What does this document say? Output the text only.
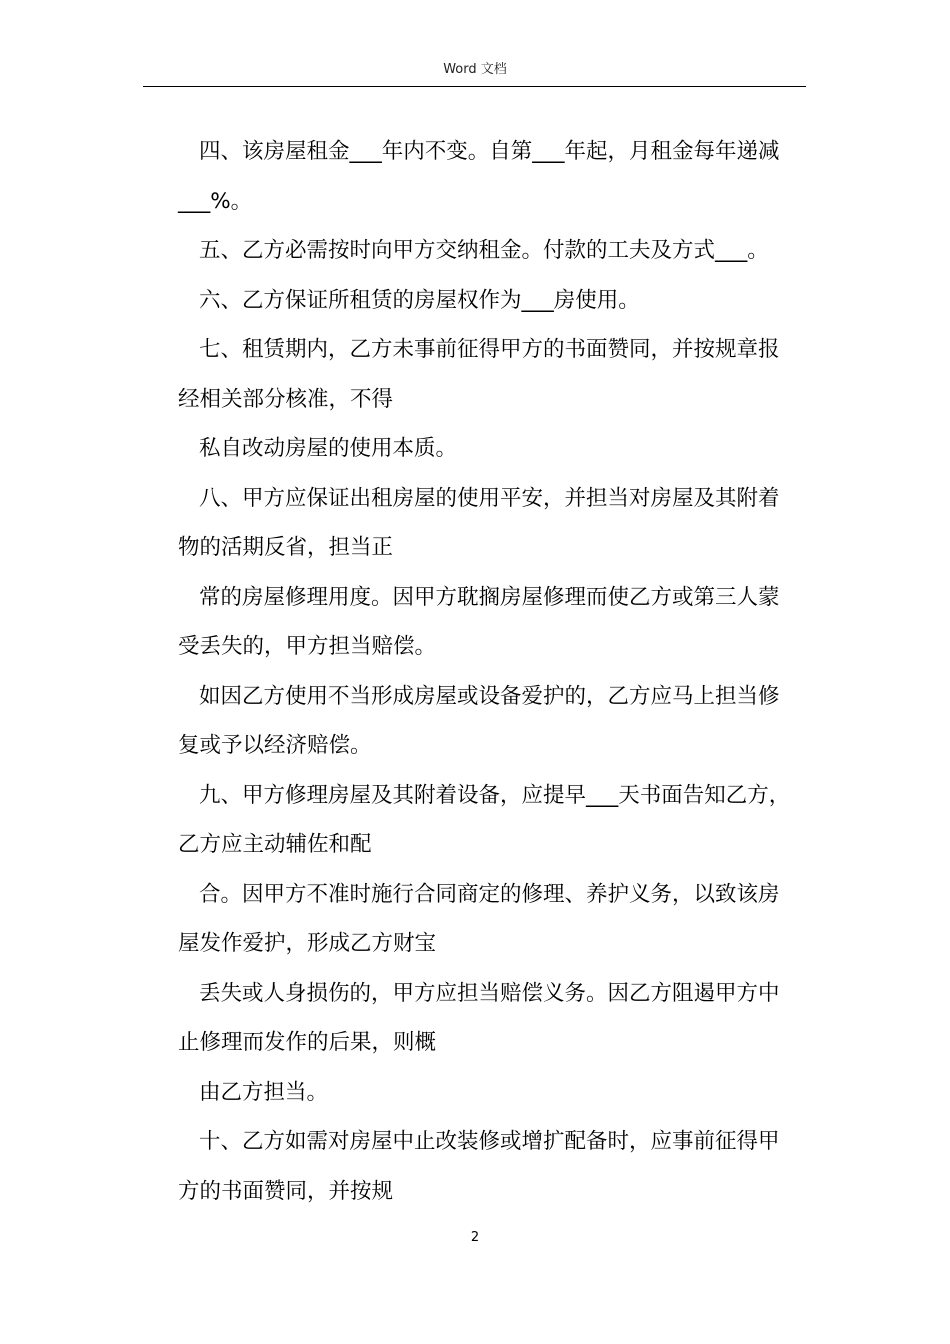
Word 文档
四、该房屋租金___年内不变。自第___年起，月租金每年递减
___%。
五、乙方必需按时向甲方交纳租金。付款的工夫及方式___。
六、乙方保证所租赁的房屋权作为___房使用。
七、租赁期内，乙方未事前征得甲方的书面赞同，并按规章报
经相关部分核准，不得
私自改动房屋的使用本质。
八、甲方应保证出租房屋的使用平安，并担当对房屋及其附着
物的活期反省，担当正
常的房屋修理用度。因甲方耽搁房屋修理而使乙方或第三人蒙
受丢失的，甲方担当赔偿。
如因乙方使用不当形成房屋或设备爱护的，乙方应马上担当修
复或予以经济赔偿。
九、甲方修理房屋及其附着设备，应提早___天书面告知乙方，
乙方应主动辅佐和配
合。因甲方不准时施行合同商定的修理、养护义务，以致该房
屋发作爱护，形成乙方财宝
丢失或人身损伤的，甲方应担当赔偿义务。因乙方阻遏甲方中
止修理而发作的后果，则概
由乙方担当。
十、乙方如需对房屋中止改装修或增扩配备时，应事前征得甲
方的书面赞同，并按规
2
